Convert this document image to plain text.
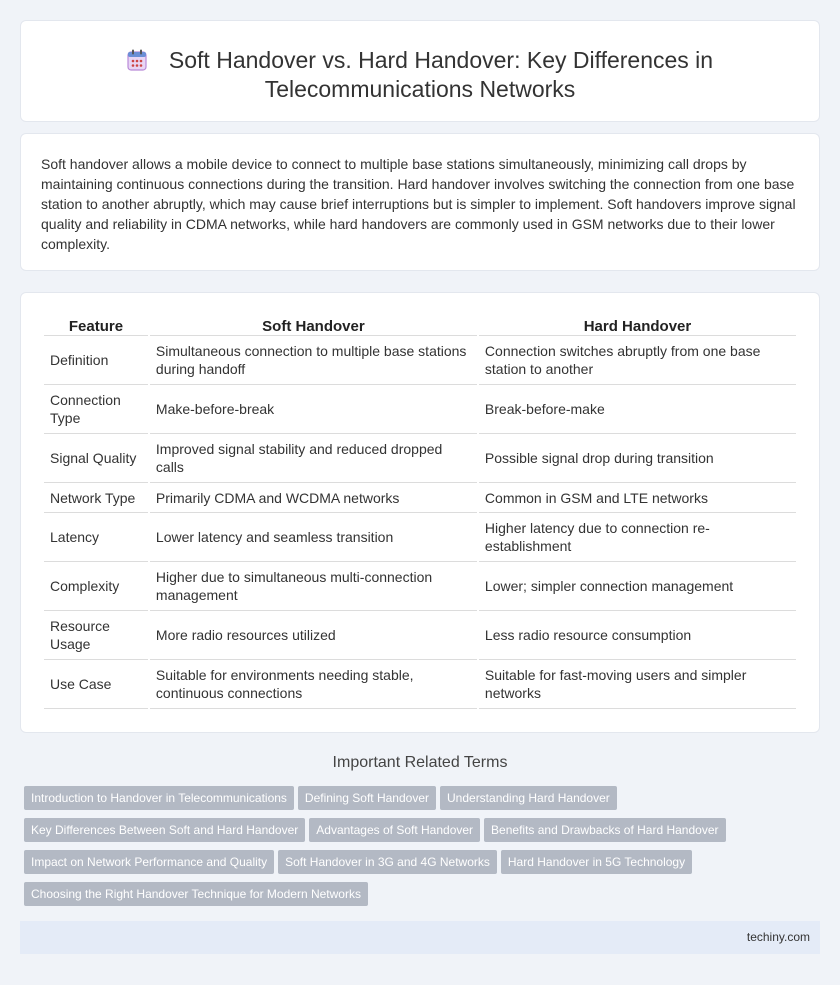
Soft Handover vs. Hard Handover: Key Differences in Telecommunications Networks

Soft handover allows a mobile device to connect to multiple base stations simultaneously, minimizing call drops by maintaining continuous connections during the transition. Hard handover involves switching the connection from one base station to another abruptly, which may cause brief interruptions but is simpler to implement. Soft handovers improve signal quality and reliability in CDMA networks, while hard handovers are commonly used in GSM networks due to their lower complexity.

Feature	Soft Handover	Hard Handover
Definition	Simultaneous connection to multiple base stations during handoff	Connection switches abruptly from one base station to another
Connection Type	Make-before-break	Break-before-make
Signal Quality	Improved signal stability and reduced dropped calls	Possible signal drop during transition
Network Type	Primarily CDMA and WCDMA networks	Common in GSM and LTE networks
Latency	Lower latency and seamless transition	Higher latency due to connection re-establishment
Complexity	Higher due to simultaneous multi-connection management	Lower; simpler connection management
Resource Usage	More radio resources utilized	Less radio resource consumption
Use Case	Suitable for environments needing stable, continuous connections	Suitable for fast-moving users and simpler networks
Important Related Terms
Introduction to Handover in Telecommunications Defining Soft Handover Understanding Hard Handover
Key Differences Between Soft and Hard Handover Advantages of Soft Handover Benefits and Drawbacks of Hard Handover
Impact on Network Performance and Quality Soft Handover in 3G and 4G Networks Hard Handover in 5G Technology
Choosing the Right Handover Technique for Modern Networks
techiny.com
